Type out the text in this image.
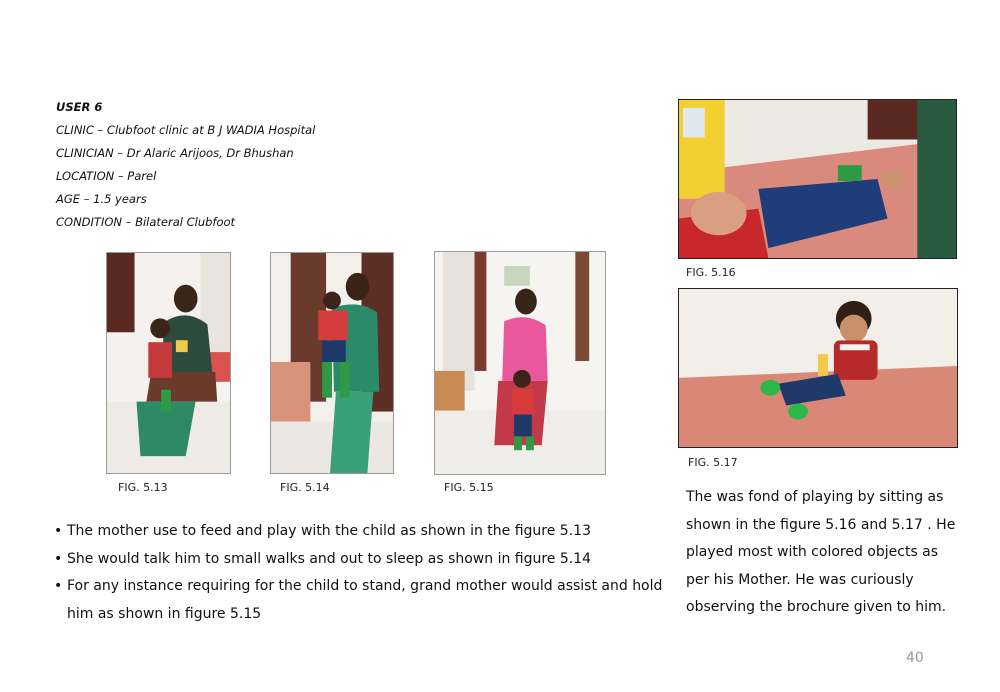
USER 6
CLINIC – Clubfoot clinic at B J WADIA Hospital
CLINICIAN – Dr Alaric Arijoos, Dr Bhushan
LOCATION – Parel
AGE – 1.5 years
CONDITION – Bilateral Clubfoot
FIG. 5.16
FIG. 5.17
FIG. 5.13	FIG. 5.14	FIG. 5.15
• The mother use to feed and play with the child as shown in the figure 5.13
• She would talk him to small walks and out to sleep as shown in figure 5.14
• For any instance requiring for the child to stand, grand mother would assist and hold him as shown in figure 5.15
The was fond of playing by sitting as shown in the figure 5.16 and 5.17 . He played most with colored objects as per his Mother. He was curiously observing the brochure given to him.
40
